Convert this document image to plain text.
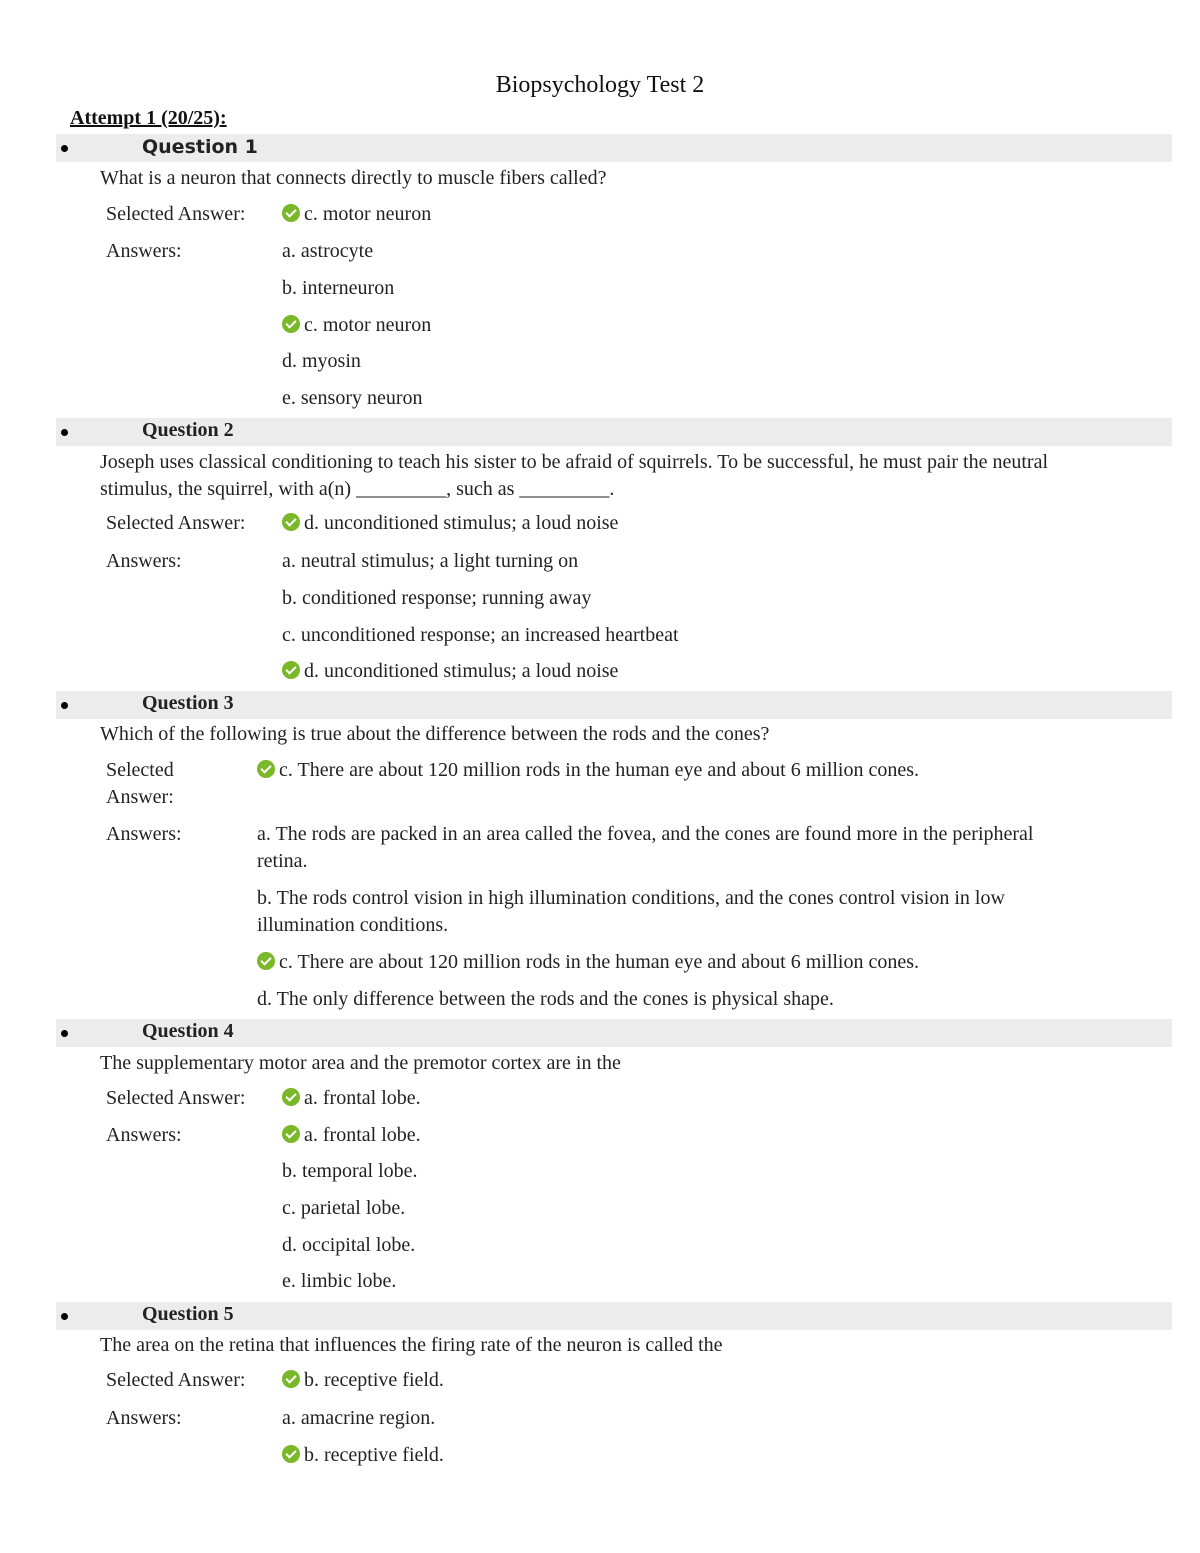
Biopsychology Test 2
Attempt 1 (20/25):
Question 1
What is a neuron that connects directly to muscle fibers called?
Selected Answer:	c. motor neuron
Answers:	a. astrocyte
b. interneuron
c. motor neuron
d. myosin
e. sensory neuron
Question 2
Joseph uses classical conditioning to teach his sister to be afraid of squirrels. To be successful, he must pair the neutral stimulus, the squirrel, with a(n) _________, such as _________.
Selected Answer:	d. unconditioned stimulus; a loud noise
Answers:	a. neutral stimulus; a light turning on
b. conditioned response; running away
c. unconditioned response; an increased heartbeat
d. unconditioned stimulus; a loud noise
Question 3
Which of the following is true about the difference between the rods and the cones?
Selected
Answer:
c. There are about 120 million rods in the human eye and about 6 million cones.
Answers:	a. The rods are packed in an area called the fovea, and the cones are found more in the peripheral retina.
b. The rods control vision in high illumination conditions, and the cones control vision in low illumination conditions.
c. There are about 120 million rods in the human eye and about 6 million cones.
d. The only difference between the rods and the cones is physical shape.
Question 4
The supplementary motor area and the premotor cortex are in the
Selected Answer:	a. frontal lobe.
Answers:	a. frontal lobe.
b. temporal lobe.
c. parietal lobe.
d. occipital lobe.
e. limbic lobe.
Question 5
The area on the retina that influences the firing rate of the neuron is called the
Selected Answer:	b. receptive field.
Answers:	a. amacrine region.
b. receptive field.
